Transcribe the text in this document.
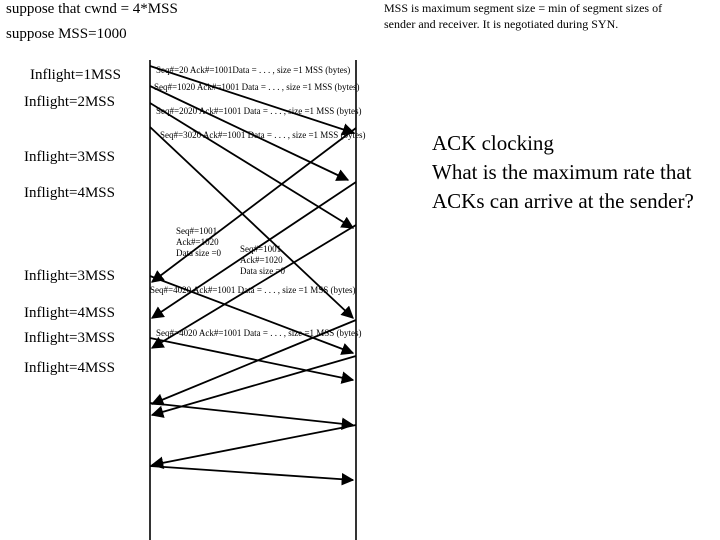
suppose that cwnd = 4*MSS
suppose MSS=1000
MSS is maximum segment size = min of segment sizes of sender and receiver. It is negotiated during SYN.
ACK clocking
What is the maximum rate that ACKs can arrive at the sender?
Inflight=1MSS
Inflight=2MSS
Inflight=3MSS
Inflight=4MSS
Inflight=3MSS
Inflight=4MSS
Inflight=3MSS
Inflight=4MSS
Seq#=20 Ack#=1001Data = . . . , size =1 MSS (bytes)
Seq#=1020 Ack#=1001 Data = . . . , size =1 MSS (bytes)
Seq#=2020 Ack#=1001 Data = . . . , size =1 MSS (bytes)
Seq#=3020 Ack#=1001 Data = . . . , size =1 MSS (bytes)
Seq#=4020 Ack#=1001 Data = . . . , size =1 MSS (bytes)
Seq#=4020 Ack#=1001 Data = . . . , size =1 MSS (bytes)
Seq#=1001
Ack#=1020
Data size =0 Seq#=1001
Ack#=1020
Data size =0
